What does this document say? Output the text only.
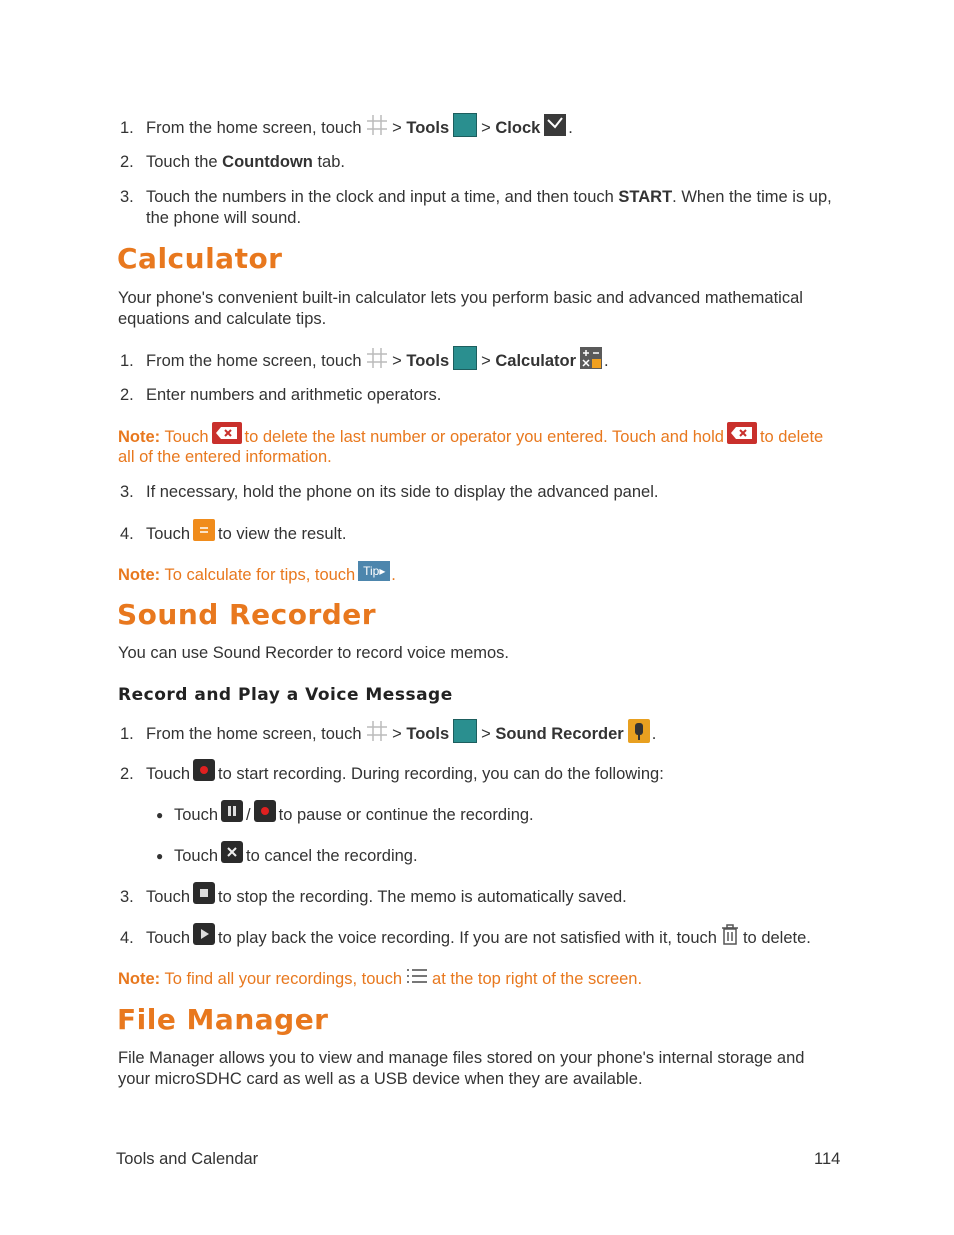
1. From the home screen, touch > Tools > Clock .
2. Touch the Countdown tab.
3. Touch the numbers in the clock and input a time, and then touch START. When the time is up,
the phone will sound.
Calculator
Your phone's convenient built-in calculator lets you perform basic and advanced mathematical equations and calculate tips.
1. From the home screen, touch > Tools > Calculator .
2. Enter numbers and arithmetic operators.
Note: Touch to delete the last number or operator you entered. Touch and hold to delete all of the entered information.
3. If necessary, hold the phone on its side to display the advanced panel.
4. Touch to view the result.
Note: To calculate for tips, touch Tip▸ .
Sound Recorder
You can use Sound Recorder to record voice memos.
Record and Play a Voice Message
1. From the home screen, touch > Tools > Sound Recorder .
2. Touch to start recording. During recording, you can do the following:
● Touch / to pause or continue the recording.
● Touch to cancel the recording.
3. Touch to stop the recording. The memo is automatically saved.
4. Touch to play back the voice recording. If you are not satisfied with it, touch to delete.
Note: To find all your recordings, touch at the top right of the screen.
File Manager
File Manager allows you to view and manage files stored on your phone's internal storage and your microSDHC card as well as a USB device when they are available.
Tools and Calendar	114
